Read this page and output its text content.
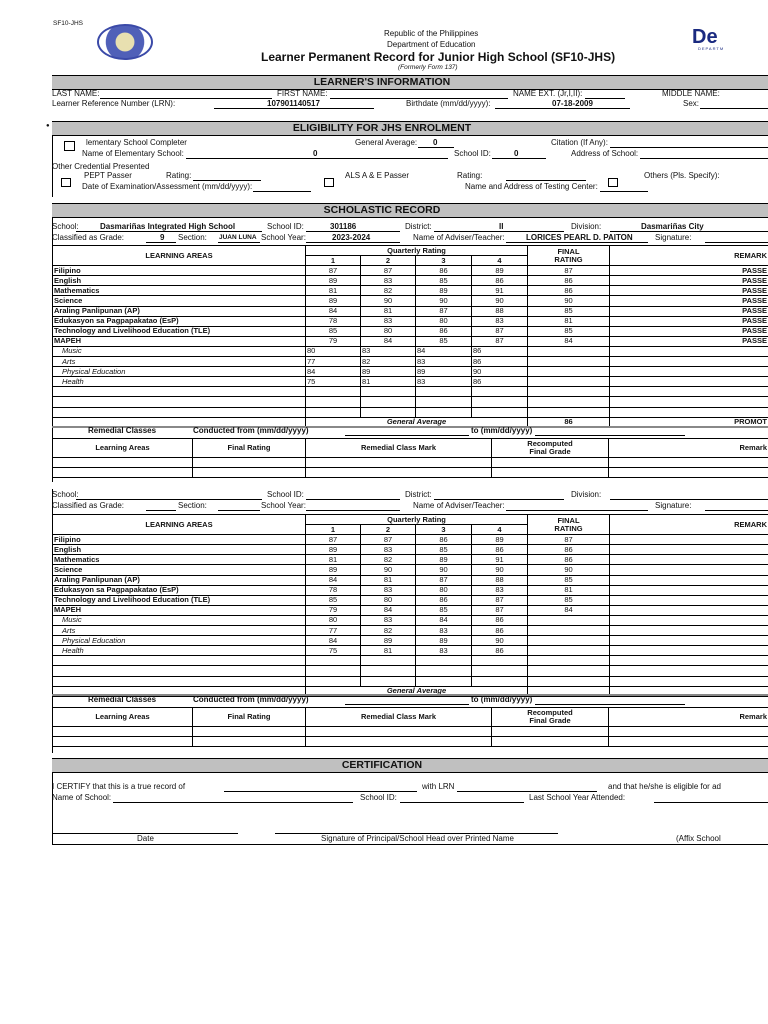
SF10-JHS
Republic of the Philippines
Department of Education
Learner Permanent Record for Junior High School (SF10-JHS)
(Formerly Form 137)
De
DEPARTM
LEARNER'S INFORMATION
LAST NAME:	FIRST NAME:	NAME EXT. (Jr,I,II):	MIDDLE NAME:
Learner Reference Number (LRN):	107901140517	Birthdate (mm/dd/yyyy):	07-18-2009	Sex:
●	ELIGIBILITY FOR JHS ENROLMENT
lementary School Completer	General Average: 0	Citation (If Any):
Name of Elementary School:	0	School ID:	0	Address of School:
Other Credential Presented
PEPT Passer	Rating:
Date of Examination/Assessment (mm/dd/yyyy):
ALS A & E Passer	Rating:	Others (Pls. Specify):
Name and Address of Testing Center:
SCHOLASTIC RECORD
School:	Dasmariñas Integrated High School	School ID:	301186	District:	II	Division:	Dasmariñas City
Classified as Grade:	9 Section: JUAN LUNA School Year:	2023-2024	Name of Adviser/Teacher:	LORICES PEARL D. PAITON	Signature:
LEARNING AREAS	Quarterly Rating				FINAL
RATING	REMARK
	1	2	3	4		
Filipino	87	87	86	89	87	PASSE
English	89	83	85	86	86	PASSE
Mathematics	81	82	89	91	86	PASSE
Science	89	90	90	90	90	PASSE
Araling Panlipunan (AP)	84	81	87	88	85	PASSE
Edukasyon sa Pagpapakatao (EsP)	78	83	80	83	81	PASSE
Technology and Livelihood Education (TLE)	85	80	86	87	85	PASSE
MAPEH	79	84	85	87	84	PASSE
Music	80	83	84	86		
Arts	77	82	83	86		
Physical Education	84	89	89	90		
Health	75	81	83	86		

	General Average				86	PROMOT
Remedial Classes	Conducted from (mm/dd/yyyy)	to (mm/dd/yyyy)
Learning Areas	Final Rating	Remedial Class Mark	Recomputed
Final Grade	Remark

School:	School ID:	District:	Division:
Classified as Grade:	Section:	School Year:	Name of Adviser/Teacher:	Signature:
LEARNING AREAS	Quarterly Rating				FINAL
RATING	REMARK
	1	2	3	4		
Filipino	87	87	86	89	87	
English	89	83	85	86	86	
Mathematics	81	82	89	91	86	
Science	89	90	90	90	90	
Araling Panlipunan (AP)	84	81	87	88	85	
Edukasyon sa Pagpapakatao (EsP)	78	83	80	83	81	
Technology and Livelihood Education (TLE)	85	80	86	87	85	
MAPEH	79	84	85	87	84	
Music	80	83	84	86		
Arts	77	82	83	86		
Physical Education	84	89	89	90		
Health	75	81	83	86		

	General Average					
Remedial Classes	Conducted from (mm/dd/yyyy)	to (mm/dd/yyyy)
Learning Areas	Final Rating	Remedial Class Mark	Recomputed
Final Grade	Remark

CERTIFICATION
I CERTIFY that this is a true record of	with LRN	and that he/she is eligible for ad
Name of School:	School ID:	Last School Year Attended:
Date	Signature of Principal/School Head over Printed Name	(Affix School
